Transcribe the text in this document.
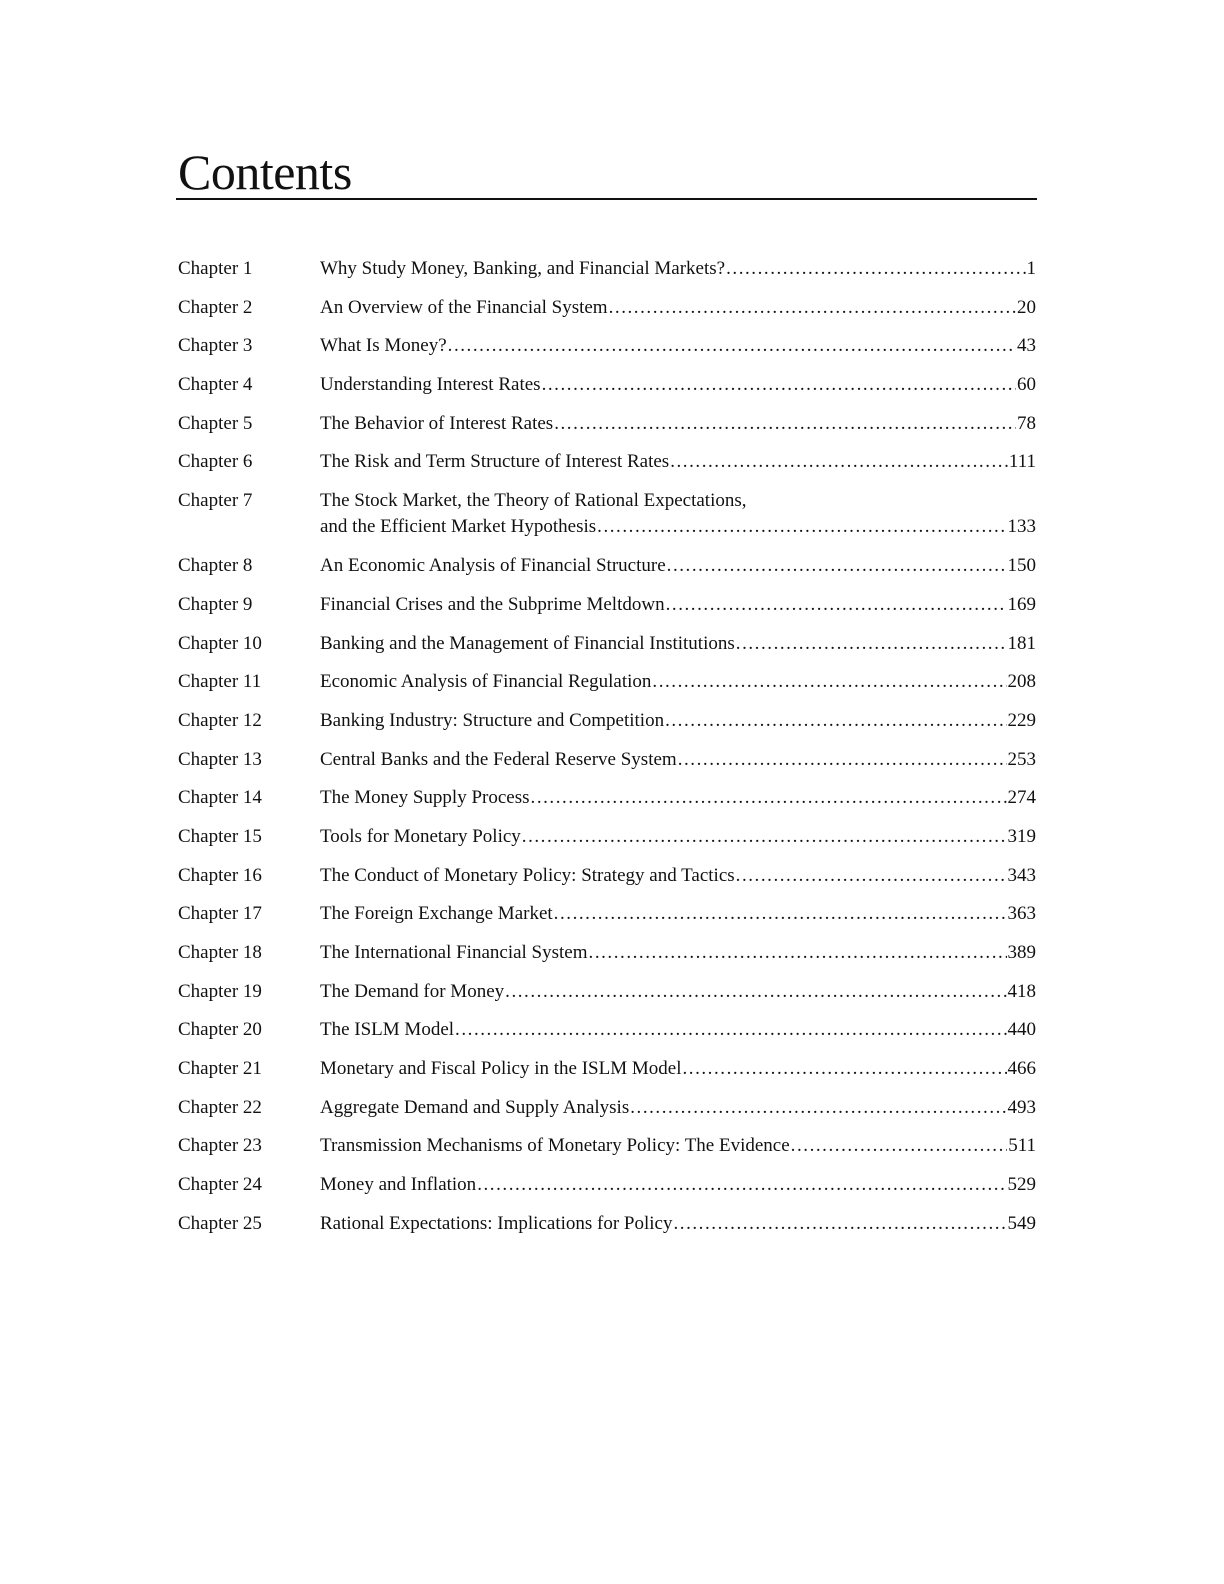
Contents
Chapter 1	Why Study Money, Banking, and Financial Markets? . . .	1
Chapter 2	An Overview of the Financial System . . .	20
Chapter 3	What Is Money? . . .	43
Chapter 4	Understanding Interest Rates . . .	60
Chapter 5	The Behavior of Interest Rates . . .	78
Chapter 6	The Risk and Term Structure of Interest Rates . . .	111
Chapter 7	The Stock Market, the Theory of Rational Expectations,
and the Efficient Market Hypothesis . . .	133
Chapter 8	An Economic Analysis of Financial Structure . . .	150
Chapter 9	Financial Crises and the Subprime Meltdown . . .	169
Chapter 10	Banking and the Management of Financial Institutions . . .	181
Chapter 11	Economic Analysis of Financial Regulation . . .	208
Chapter 12	Banking Industry: Structure and Competition . . .	229
Chapter 13	Central Banks and the Federal Reserve System . . .	253
Chapter 14	The Money Supply Process . . .	274
Chapter 15	Tools for Monetary Policy . . .	319
Chapter 16	The Conduct of Monetary Policy: Strategy and Tactics . . .	343
Chapter 17	The Foreign Exchange Market . . .	363
Chapter 18	The International Financial System . . .	389
Chapter 19	The Demand for Money . . .	418
Chapter 20	The ISLM Model . . .	440
Chapter 21	Monetary and Fiscal Policy in the ISLM Model . . .	466
Chapter 22	Aggregate Demand and Supply Analysis . . .	493
Chapter 23	Transmission Mechanisms of Monetary Policy: The Evidence . . .	511
Chapter 24	Money and Inflation . . .	529
Chapter 25	Rational Expectations: Implications for Policy . . .	549
